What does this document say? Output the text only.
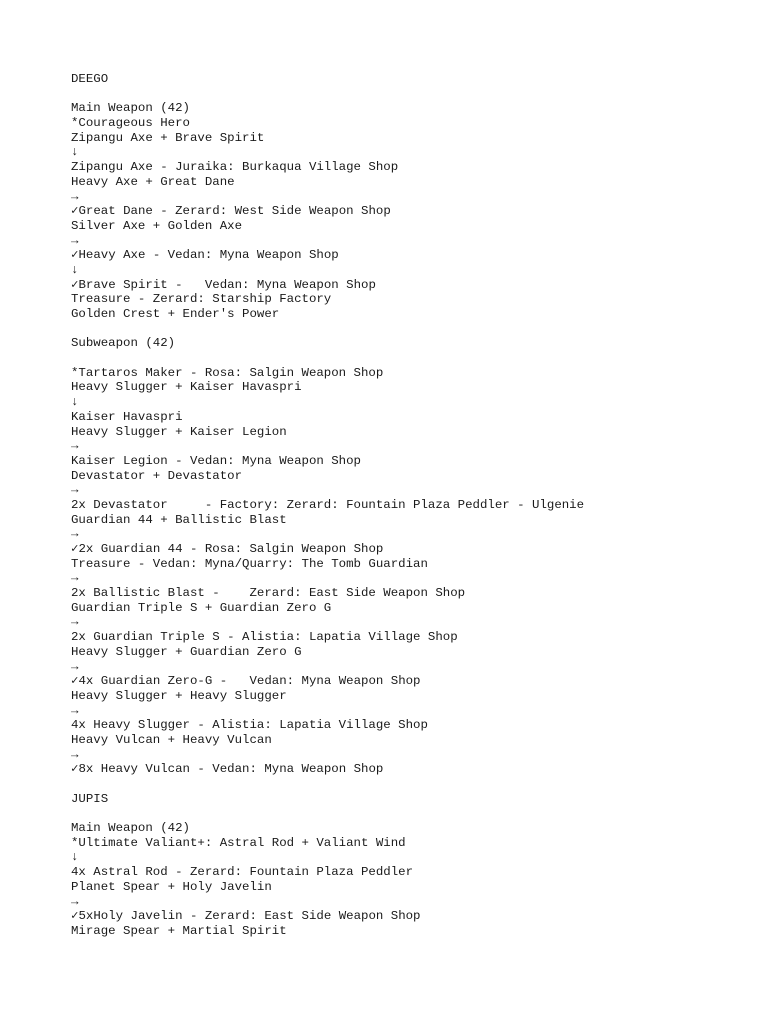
DEEGO
Main Weapon (42)
*Courageous Hero
Zipangu Axe + Brave Spirit
↓
Zipangu Axe - Juraika: Burkaqua Village Shop
Heavy Axe + Great Dane
→
✓Great Dane - Zerard: West Side Weapon Shop
Silver Axe + Golden Axe
→
✓Heavy Axe - Vedan: Myna Weapon Shop
↓
✓Brave Spirit -   Vedan: Myna Weapon Shop
Treasure - Zerard: Starship Factory
Golden Crest + Ender's Power
Subweapon (42)
*Tartaros Maker - Rosa: Salgin Weapon Shop
Heavy Slugger + Kaiser Havaspri
↓
Kaiser Havaspri
Heavy Slugger + Kaiser Legion
→
Kaiser Legion - Vedan: Myna Weapon Shop
Devastator + Devastator
→
2x Devastator     - Factory: Zerard: Fountain Plaza Peddler - Ulgenie
Guardian 44 + Ballistic Blast
→
✓2x Guardian 44 - Rosa: Salgin Weapon Shop
Treasure - Vedan: Myna/Quarry: The Tomb Guardian
→
2x Ballistic Blast -    Zerard: East Side Weapon Shop
Guardian Triple S + Guardian Zero G
→
2x Guardian Triple S - Alistia: Lapatia Village Shop
Heavy Slugger + Guardian Zero G
→
✓4x Guardian Zero-G -   Vedan: Myna Weapon Shop
Heavy Slugger + Heavy Slugger
→
4x Heavy Slugger - Alistia: Lapatia Village Shop
Heavy Vulcan + Heavy Vulcan
→
✓8x Heavy Vulcan - Vedan: Myna Weapon Shop
JUPIS
Main Weapon (42)
*Ultimate Valiant+: Astral Rod + Valiant Wind
↓
4x Astral Rod - Zerard: Fountain Plaza Peddler
Planet Spear + Holy Javelin
→
✓5xHoly Javelin - Zerard: East Side Weapon Shop
Mirage Spear + Martial Spirit
